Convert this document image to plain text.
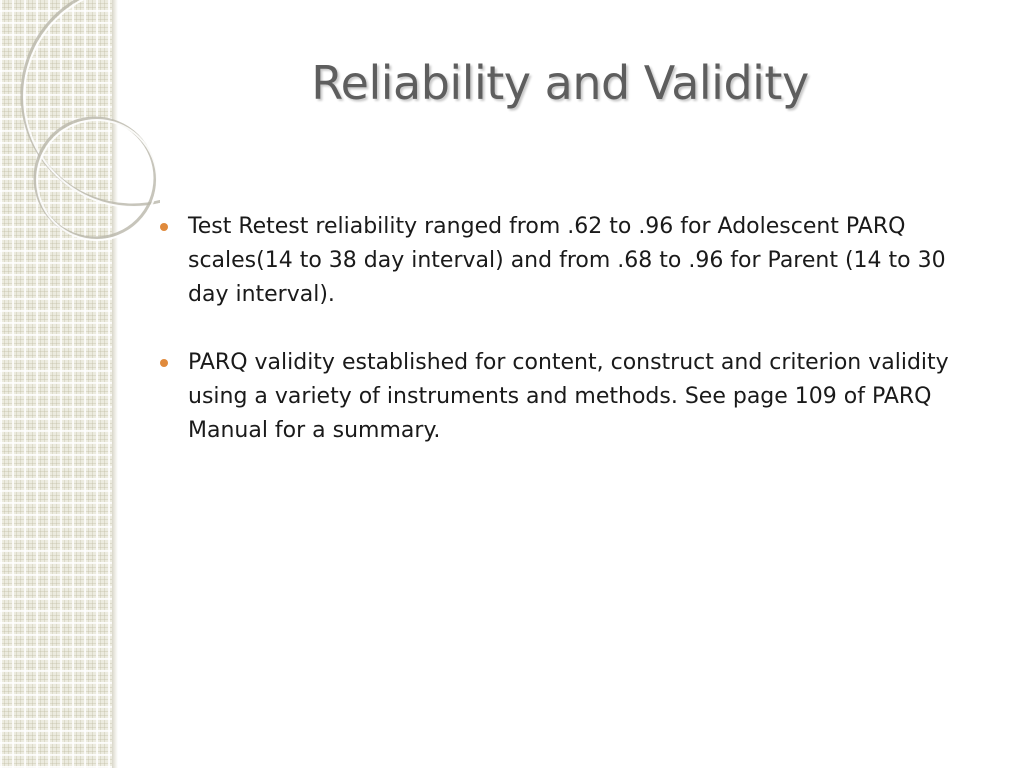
Reliability and Validity
Test Retest reliability ranged from .62 to .96 for Adolescent PARQ scales(14 to 38 day interval) and from .68 to .96 for Parent (14 to 30 day interval).
PARQ validity established for content, construct and criterion validity using a variety of instruments and methods. See page 109 of PARQ Manual for a summary.
